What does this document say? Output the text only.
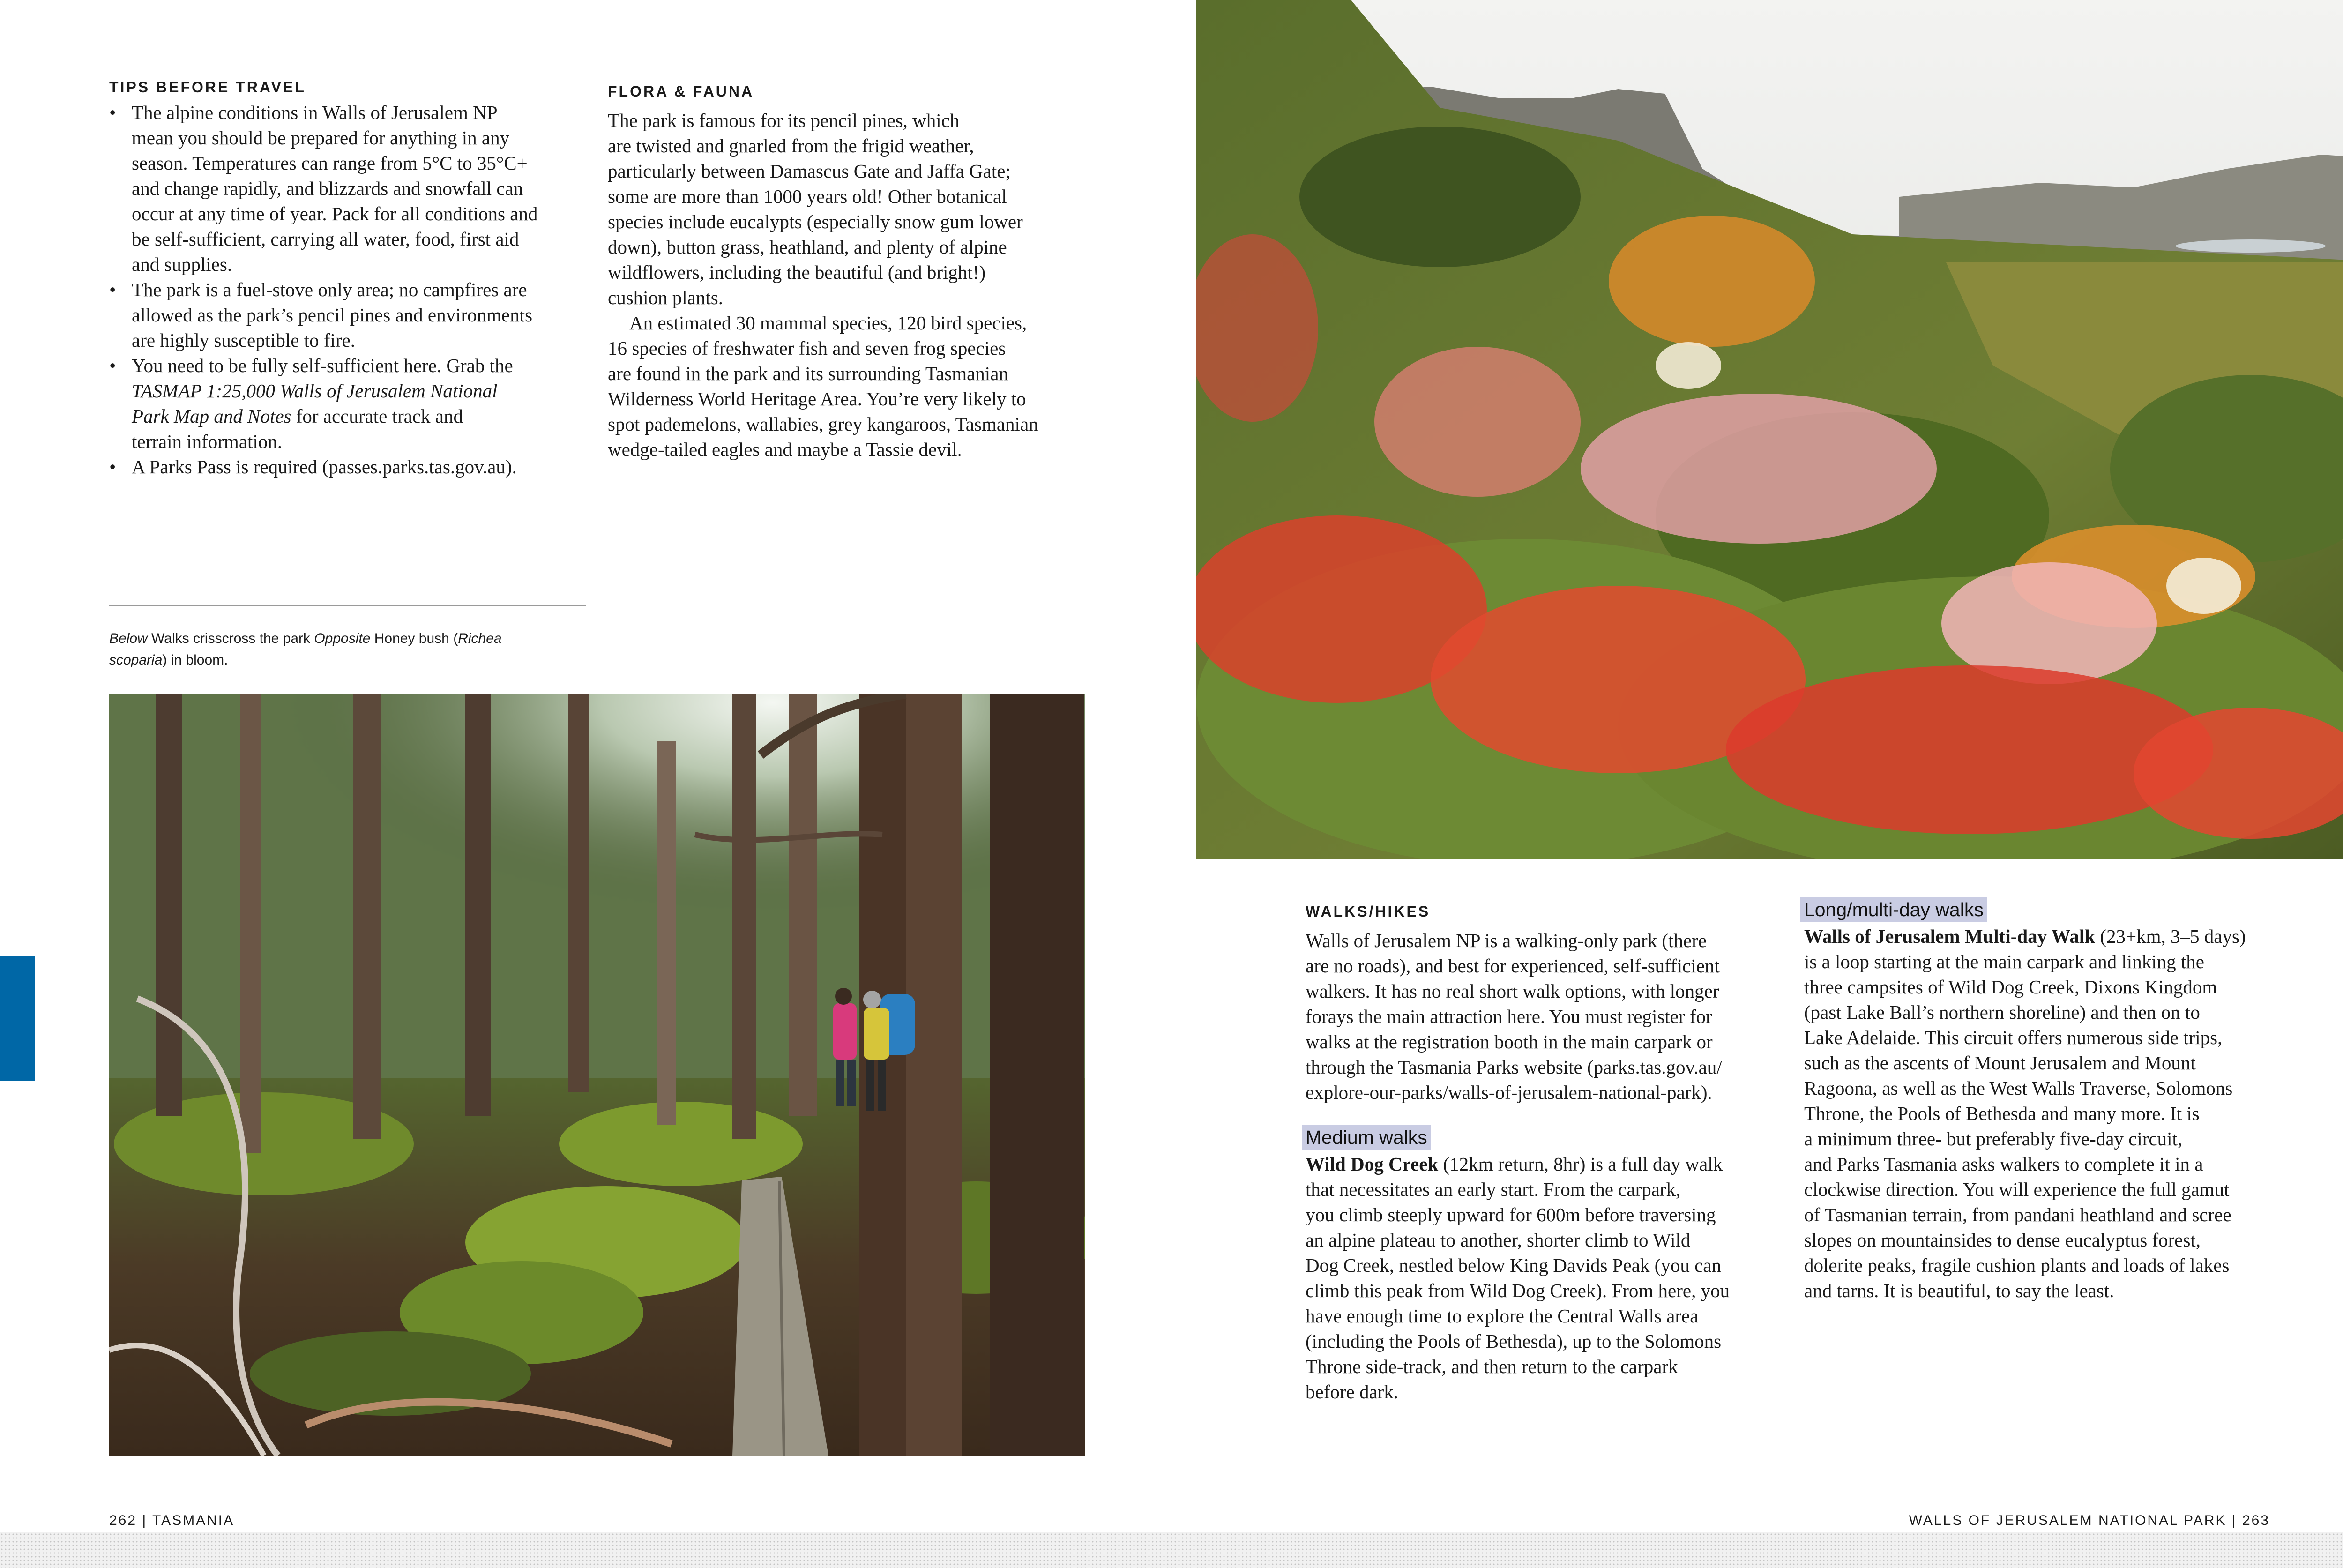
TIPS BEFORE TRAVEL
• The alpine conditions in Walls of Jerusalem NP
mean you should be prepared for anything in any
season. Temperatures can range from 5°C to 35°C+
and change rapidly, and blizzards and snowfall can
occur at any time of year. Pack for all conditions and
be self-sufficient, carrying all water, food, first aid
and supplies.
• The park is a fuel-stove only area; no campfires are
allowed as the park’s pencil pines and environments
are highly susceptible to fire.
• You need to be fully self-sufficient here. Grab the
TASMAP 1:25,000 Walls of Jerusalem National
Park Map and Notes for accurate track and
terrain information.
• A Parks Pass is required (passes.parks.tas.gov.au).
FLORA & FAUNA

The park is famous for its pencil pines, which
are twisted and gnarled from the frigid weather,
particularly between Damascus Gate and Jaffa Gate;
some are more than 1000 years old! Other botanical
species include eucalypts (especially snow gum lower
down), button grass, heathland, and plenty of alpine
wildflowers, including the beautiful (and bright!)
cushion plants.

An estimated 30 mammal species, 120 bird species,
16 species of freshwater fish and seven frog species
are found in the park and its surrounding Tasmanian
Wilderness World Heritage Area. You’re very likely to
spot pademelons, wallabies, grey kangaroos, Tasmanian
wedge-tailed eagles and maybe a Tassie devil.

Below Walks crisscross the park Opposite Honey bush (Richea
scoparia) in bloom.
262 | TASMANIA
WALKS/HIKES

Walls of Jerusalem NP is a walking-only park (there
are no roads), and best for experienced, self-sufficient
walkers. It has no real short walk options, with longer
forays the main attraction here. You must register for
walks at the registration booth in the main carpark or
through the Tasmania Parks website (parks.tas.gov.au/
explore-our-parks/walls-of-jerusalem-national-park).

Medium walks

Wild Dog Creek (12km return, 8hr) is a full day walk
that necessitates an early start. From the carpark,
you climb steeply upward for 600m before traversing
an alpine plateau to another, shorter climb to Wild
Dog Creek, nestled below King Davids Peak (you can
climb this peak from Wild Dog Creek). From here, you
have enough time to explore the Central Walls area
(including the Pools of Bethesda), up to the Solomons
Throne side-track, and then return to the carpark
before dark.

Long/multi-day walks

Walls of Jerusalem Multi-day Walk (23+km, 3–5 days)
is a loop starting at the main carpark and linking the
three campsites of Wild Dog Creek, Dixons Kingdom
(past Lake Ball’s northern shoreline) and then on to
Lake Adelaide. This circuit offers numerous side trips,
such as the ascents of Mount Jerusalem and Mount
Ragoona, as well as the West Walls Traverse, Solomons
Throne, the Pools of Bethesda and many more. It is
a minimum three- but preferably five-day circuit,
and Parks Tasmania asks walkers to complete it in a
clockwise direction. You will experience the full gamut
of Tasmanian terrain, from pandani heathland and scree
slopes on mountainsides to dense eucalyptus forest,
dolerite peaks, fragile cushion plants and loads of lakes
and tarns. It is beautiful, to say the least.

WALLS OF JERUSALEM NATIONAL PARK | 263
